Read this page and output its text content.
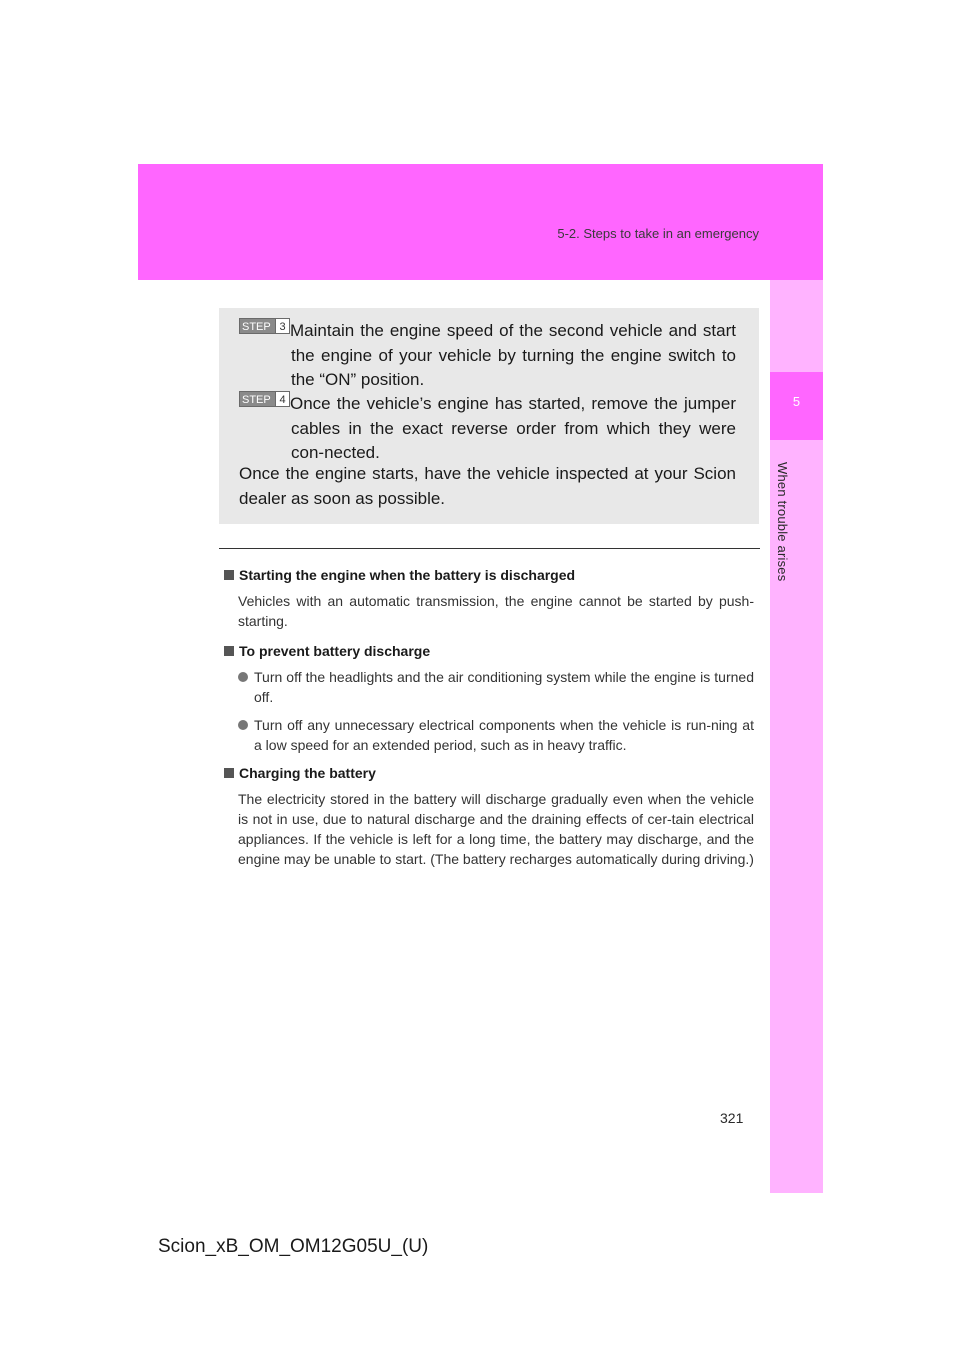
5-2. Steps to take in an emergency
5
When trouble arises
STEP 3 Maintain the engine speed of the second vehicle and start the engine of your vehicle by turning the engine switch to the “ON” position.
STEP 4 Once the vehicle’s engine has started, remove the jumper cables in the exact reverse order from which they were con-nected.
Once the engine starts, have the vehicle inspected at your Scion dealer as soon as possible.
Starting the engine when the battery is discharged
Vehicles with an automatic transmission, the engine cannot be started by push-starting.
To prevent battery discharge
Turn off the headlights and the air conditioning system while the engine is turned off.
Turn off any unnecessary electrical components when the vehicle is run-ning at a low speed for an extended period, such as in heavy traffic.
Charging the battery
The electricity stored in the battery will discharge gradually even when the vehicle is not in use, due to natural discharge and the draining effects of cer-tain electrical appliances. If the vehicle is left for a long time, the battery may discharge, and the engine may be unable to start. (The battery recharges automatically during driving.)
321
Scion_xB_OM_OM12G05U_(U)
